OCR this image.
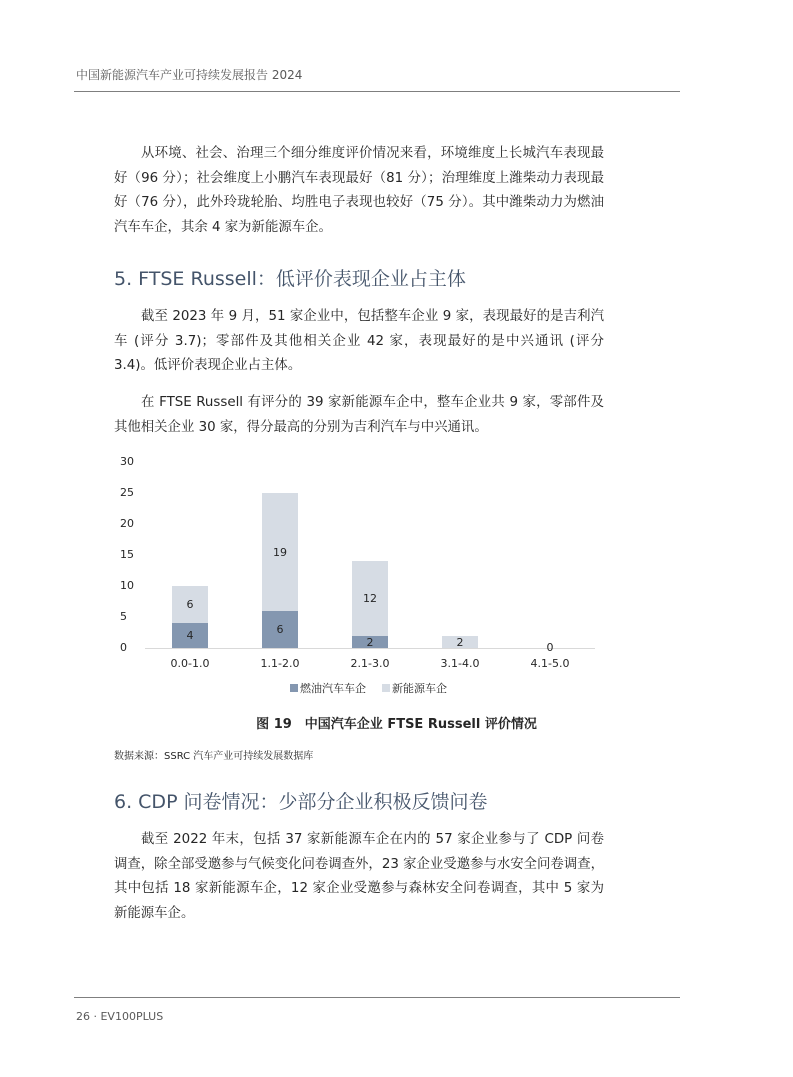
中国新能源汽车产业可持续发展报告 2024

从环境、社会、治理三个细分维度评价情况来看，环境维度上长城汽车表现最好（96 分）；社会维度上小鹏汽车表现最好（81 分）；治理维度上潍柴动力表现最好（76 分），此外玲珑轮胎、均胜电子表现也较好（75 分）。其中潍柴动力为燃油汽车车企，其余 4 家为新能源车企。

5. FTSE Russell：低评价表现企业占主体

截至 2023 年 9 月，51 家企业中，包括整车企业 9 家，表现最好的是吉利汽车 (评分 3.7)；零部件及其他相关企业 42 家，表现最好的是中兴通讯 (评分 3.4)。低评价表现企业占主体。

在 FTSE Russell 有评分的 39 家新能源车企中，整车企业共 9 家，零部件及其他相关企业 30 家，得分最高的分别为吉利汽车与中兴通讯。

30
25
20
15
10
5
0
6
4
19
6
12
2	2	0
0.0-1.0	1.1-2.0	2.1-3.0	3.1-4.0	4.1-5.0
燃油汽车车企 新能源车企
图 19　中国汽车企业 FTSE Russell 评价情况
数据来源：SSRC 汽车产业可持续发展数据库
6. CDP 问卷情况：少部分企业积极反馈问卷

截至 2022 年末，包括 37 家新能源车企在内的 57 家企业参与了 CDP 问卷调查，除全部受邀参与气候变化问卷调查外，23 家企业受邀参与水安全问卷调查，其中包括 18 家新能源车企，12 家企业受邀参与森林安全问卷调查，其中 5 家为新能源车企。

26 · EV100PLUS
